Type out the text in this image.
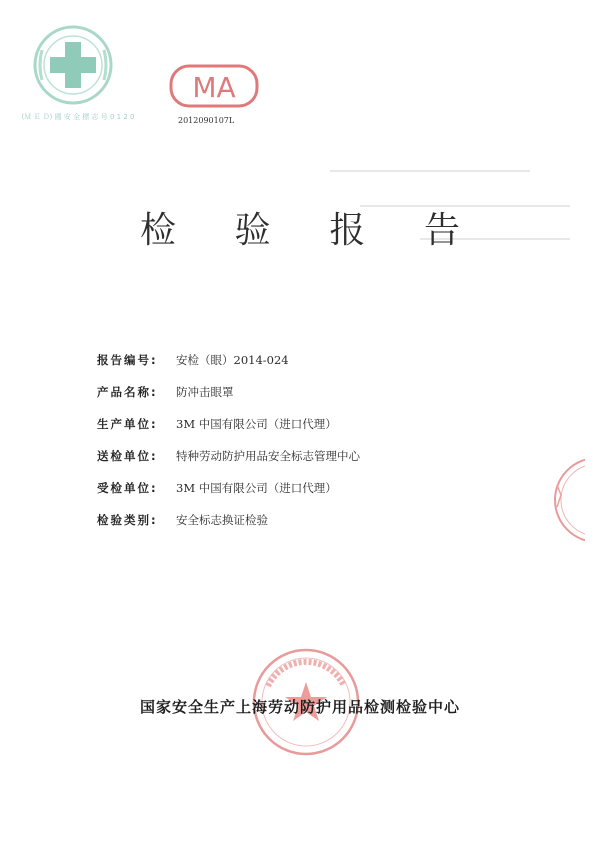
(Ｍ Ｅ Ｄ) 國 安 全 標 志 号 0 1 2 0
MA
2012090107L
检 验 报 告
报告编号:	安检（眼）2014-024
产品名称:	防冲击眼罩
生产单位:	3M 中国有限公司（进口代理）
送检单位:	特种劳动防护用品安全标志管理中心
受检单位:	3M 中国有限公司（进口代理）
检验类别:	安全标志换证检验
国家安全生产上海劳动防护用品检测检验中心
